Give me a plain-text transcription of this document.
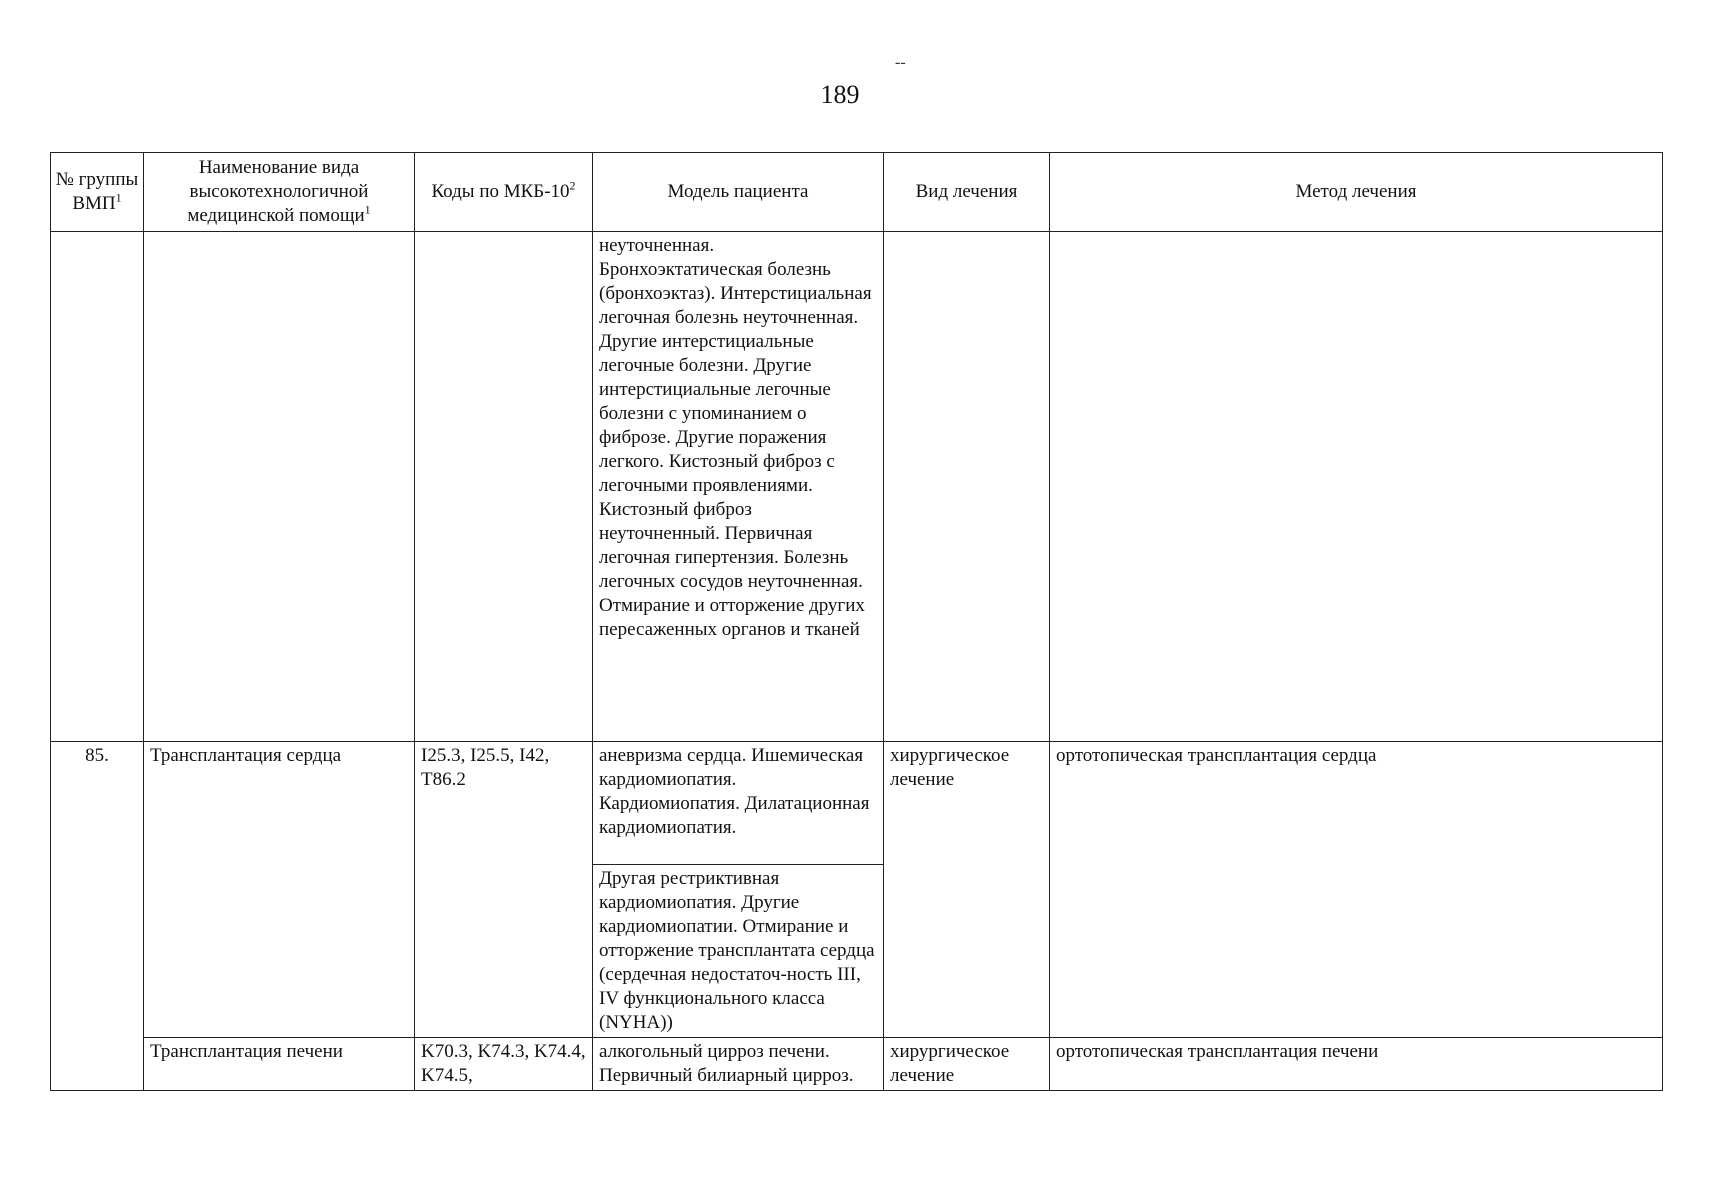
--
189
№ группы ВМП$^1$	Наименование вида высокотехнологичной медицинской помощи$^1$	Коды по МКБ-$10^2$	Модель пациента	Вид лечения	Метод лечения
			неуточненная. Бронхоэктатическая болезнь (бронхоэктаз). Интерстициальная легочная болезнь неуточненная. Другие интерстициальные легочные болезни. Другие интерстициальные легочные болезни с упоминанием о фиброзе. Другие поражения легкого. Кистозный фиброз с легочными проявлениями. Кистозный фиброз неуточненный. Первичная легочная гипертензия. Болезнь легочных сосудов неуточненная. Отмирание и отторжение других пересаженных органов и тканей		
85.	Трансплантация сердца	I25.3, I25.5, I42, T86.2	аневризма сердца. Ишемическая кардиомиопатия. Кардиомиопатия. Дилатационная кардиомиопатия.	хирургическое лечение	ортотопическая трансплантация сердца
			Другая рестриктивная кардиомиопатия. Другие кардиомиопатии. Отмирание и отторжение трансплантата сердца (сердечная недостаточ-ность III, IV функционального класса (NYHA))		
	Трансплантация печени	K70.3, K74.3, K74.4, K74.5,	алкогольный цирроз печени. Первичный билиарный цирроз.	хирургическое лечение	ортотопическая трансплантация печени
